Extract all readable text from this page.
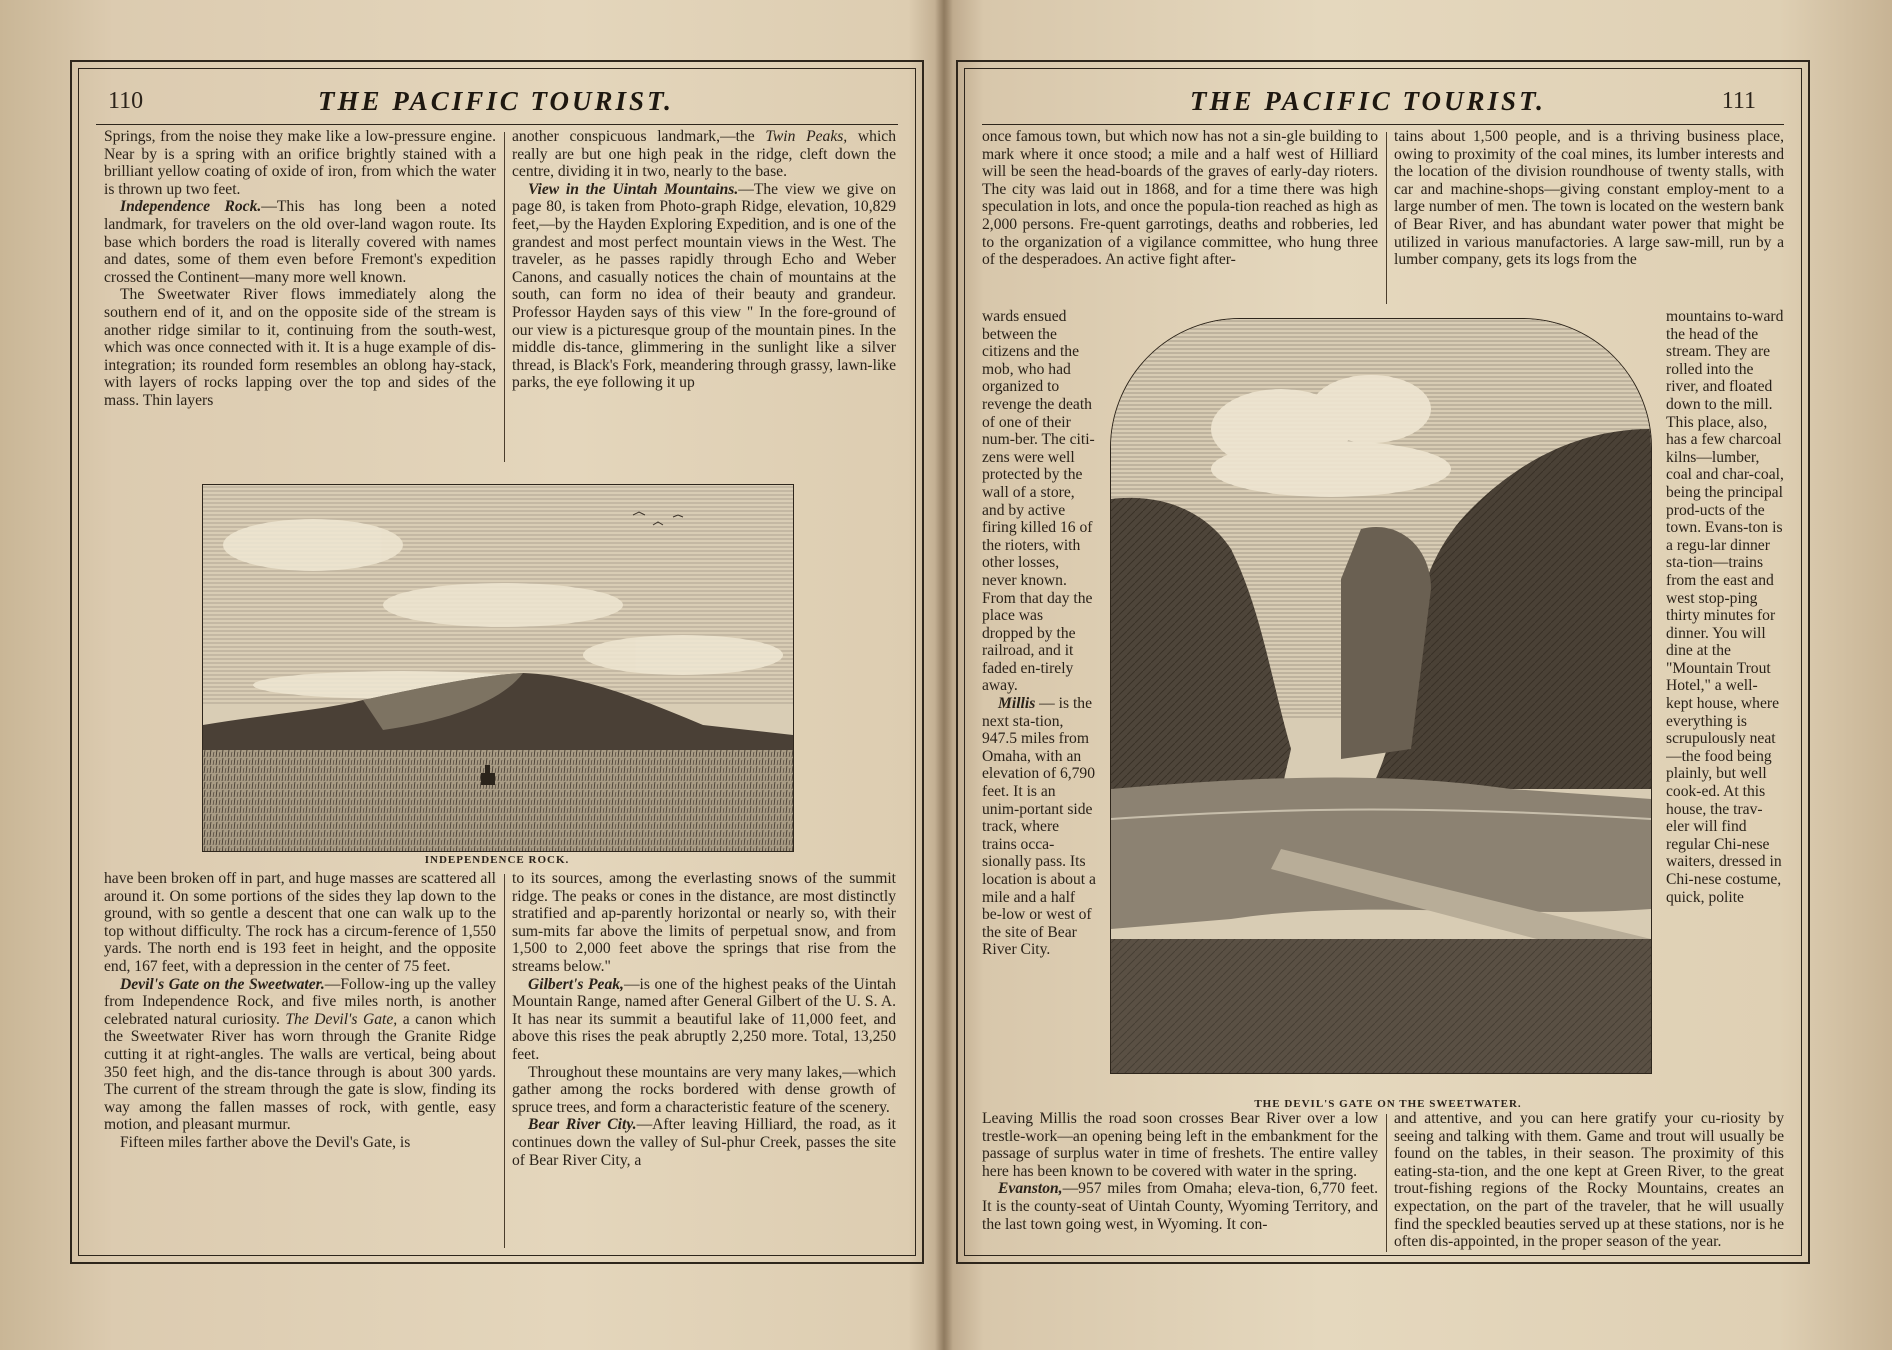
110	THE PACIFIC TOURIST.

Springs, from the noise they make like a low-pressure engine. Near by is a spring with an orifice brightly stained with a brilliant yellow coating of oxide of iron, from which the water is thrown up two feet.

Independence Rock.—This has long been a noted landmark, for travelers on the old over-land wagon route. Its base which borders the road is literally covered with names and dates, some of them even before Fremont's expedition crossed the Continent—many more well known.

The Sweetwater River flows immediately along the southern end of it, and on the opposite side of the stream is another ridge similar to it, continuing from the south-west, which was once connected with it. It is a huge example of dis-integration; its rounded form resembles an oblong hay-stack, with layers of rocks lapping over the top and sides of the mass. Thin layers

another conspicuous landmark,—the Twin Peaks, which really are but one high peak in the ridge, cleft down the centre, dividing it in two, nearly to the base.

View in the Uintah Mountains.—The view we give on page 80, is taken from Photo-graph Ridge, elevation, 10,829 feet,—by the Hayden Exploring Expedition, and is one of the grandest and most perfect mountain views in the West. The traveler, as he passes rapidly through Echo and Weber Canons, and casually notices the chain of mountains at the south, can form no idea of their beauty and grandeur. Professor Hayden says of this view " In the fore-ground of our view is a picturesque group of the mountain pines. In the middle dis-tance, glimmering in the sunlight like a silver thread, is Black's Fork, meandering through grassy, lawn-like parks, the eye following it up

INDEPENDENCE ROCK.

have been broken off in part, and huge masses are scattered all around it. On some portions of the sides they lap down to the ground, with so gentle a descent that one can walk up to the top without difficulty. The rock has a circum-ference of 1,550 yards. The north end is 193 feet in height, and the opposite end, 167 feet, with a depression in the center of 75 feet.

Devil's Gate on the Sweetwater.—Follow-ing up the valley from Independence Rock, and five miles north, is another celebrated natural curiosity. The Devil's Gate, a canon which the Sweetwater River has worn through the Granite Ridge cutting it at right-angles. The walls are vertical, being about 350 feet high, and the dis-tance through is about 300 yards. The current of the stream through the gate is slow, finding its way among the fallen masses of rock, with gentle, easy motion, and pleasant murmur.

Fifteen miles farther above the Devil's Gate, is

to its sources, among the everlasting snows of the summit ridge. The peaks or cones in the distance, are most distinctly stratified and ap-parently horizontal or nearly so, with their sum-mits far above the limits of perpetual snow, and from 1,500 to 2,000 feet above the springs that rise from the streams below."

Gilbert's Peak,—is one of the highest peaks of the Uintah Mountain Range, named after General Gilbert of the U. S. A. It has near its summit a beautiful lake of 11,000 feet, and above this rises the peak abruptly 2,250 more. Total, 13,250 feet.

Throughout these mountains are very many lakes,—which gather among the rocks bordered with dense growth of spruce trees, and form a characteristic feature of the scenery.

Bear River City.—After leaving Hilliard, the road, as it continues down the valley of Sul-phur Creek, passes the site of Bear River City, a

THE PACIFIC TOURIST.	111

once famous town, but which now has not a sin-gle building to mark where it once stood; a mile and a half west of Hilliard will be seen the head-boards of the graves of early-day rioters. The city was laid out in 1868, and for a time there was high speculation in lots, and once the popula-tion reached as high as 2,000 persons. Fre-quent garrotings, deaths and robberies, led to the organization of a vigilance committee, who hung three of the desperadoes. An active fight after-

tains about 1,500 people, and is a thriving business place, owing to proximity of the coal mines, its lumber interests and the location of the division roundhouse of twenty stalls, with car and machine-shops—giving constant employ-ment to a large number of men. The town is located on the western bank of Bear River, and has abundant water power that might be utilized in various manufactories. A large saw-mill, run by a lumber company, gets its logs from the

wards ensued between the citizens and the mob, who had organized to revenge the death of one of their num-ber. The citi-zens were well protected by the wall of a store, and by active firing killed 16 of the rioters, with other losses, never known. From that day the place was dropped by the railroad, and it faded en-tirely away.

Millis — is the next sta-tion, 947.5 miles from Omaha, with an elevation of 6,790 feet. It is an unim-portant side track, where trains occa-sionally pass. Its location is about a mile and a half be-low or west of the site of Bear River City.

mountains to-ward the head of the stream. They are rolled into the river, and floated down to the mill. This place, also, has a few charcoal kilns—lumber, coal and char-coal, being the principal prod-ucts of the town. Evans-ton is a regu-lar dinner sta-tion—trains from the east and west stop-ping thirty minutes for dinner. You will dine at the "Mountain Trout Hotel," a well-kept house, where everything is scrupulously neat—the food being plainly, but well cook-ed. At this house, the trav-eler will find regular Chi-nese waiters, dressed in Chi-nese costume, quick, polite

THE DEVIL'S GATE ON THE SWEETWATER.

Leaving Millis the road soon crosses Bear River over a low trestle-work—an opening being left in the embankment for the passage of surplus water in time of freshets. The entire valley here has been known to be covered with water in the spring.

Evanston,—957 miles from Omaha; eleva-tion, 6,770 feet. It is the county-seat of Uintah County, Wyoming Territory, and the last town going west, in Wyoming. It con-

and attentive, and you can here gratify your cu-riosity by seeing and talking with them. Game and trout will usually be found on the tables, in their season. The proximity of this eating-sta-tion, and the one kept at Green River, to the great trout-fishing regions of the Rocky Mountains, creates an expectation, on the part of the traveler, that he will usually find the speckled beauties served up at these stations, nor is he often dis-appointed, in the proper season of the year.
